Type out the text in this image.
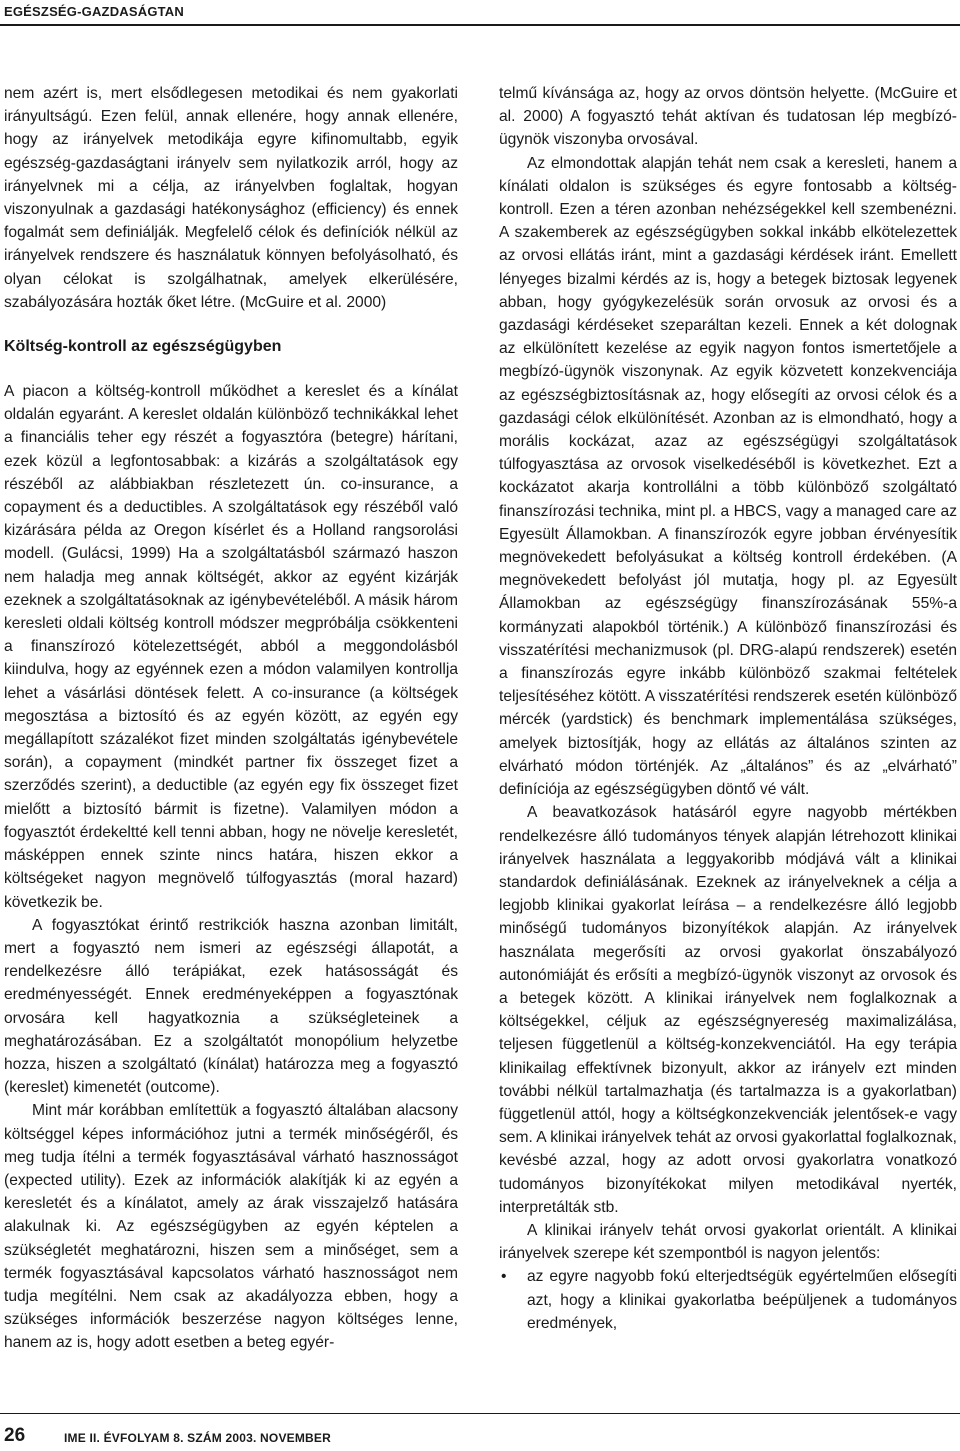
EGÉSZSÉG-GAZDASÁGTAN

nem azért is, mert elsődlegesen metodikai és nem gyakorlati irányultságú. Ezen felül, annak ellenére, hogy annak ellenére, hogy az irányelvek metodikája egyre kifinomultabb, egyik egészség-gazdaságtani irányelv sem nyilatkozik arról, hogy az irányelvnek mi a célja, az irányelvben foglaltak, hogyan viszonyulnak a gazdasági hatékonysághoz (efficiency) és ennek fogalmát sem definiálják. Megfelelő célok és definíciók nélkül az irányelvek rendszere és használatuk könnyen befolyásolható, és olyan célokat is szolgálhatnak, amelyek elkerülésére, szabályozására hozták őket létre. (McGuire et al. 2000)

Költség-kontroll az egészségügyben

A piacon a költség-kontroll működhet a kereslet és a kínálat oldalán egyaránt. A kereslet oldalán különböző technikákkal lehet a financiális teher egy részét a fogyasztóra (betegre) hárítani, ezek közül a legfontosabbak: a kizárás a szolgáltatások egy részéből az alábbiakban részletezett ún. co-insurance, a copayment és a deductibles. A szolgáltatások egy részéből való kizárására példa az Oregon kísérlet és a Holland rangsorolási modell. (Gulácsi, 1999) Ha a szolgáltatásból származó haszon nem haladja meg annak költségét, akkor az egyént kizárják ezeknek a szolgáltatásoknak az igénybevételéből. A másik három keresleti oldali költség kontroll módszer megpróbálja csökkenteni a finanszírozó kötelezettségét, abból a meggondolásból kiindulva, hogy az egyénnek ezen a módon valamilyen kontrollja lehet a vásárlási döntések felett. A co-insurance (a költségek megosztása a biztosító és az egyén között, az egyén egy megállapított százalékot fizet minden szolgáltatás igénybevétele során), a copayment (mindkét partner fix összeget fizet a szerződés szerint), a deductible (az egyén egy fix összeget fizet mielőtt a biztosító bármit is fizetne). Valamilyen módon a fogyasztót érdekeltté kell tenni abban, hogy ne növelje keresletét, másképpen ennek szinte nincs határa, hiszen ekkor a költségeket nagyon megnövelő túlfogyasztás (moral hazard) következik be.

A fogyasztókat érintő restrikciók haszna azonban limitált, mert a fogyasztó nem ismeri az egészségi állapotát, a rendelkezésre álló terápiákat, ezek hatásosságát és eredményességét. Ennek eredményeképpen a fogyasztónak orvosára kell hagyatkoznia a szükségleteinek a meghatározásában. Ez a szolgáltatót monopólium helyzetbe hozza, hiszen a szolgáltató (kínálat) határozza meg a fogyasztó (kereslet) kimenetét (outcome).

Mint már korábban említettük a fogyasztó általában alacsony költséggel képes információhoz jutni a termék minőségéről, és meg tudja ítélni a termék fogyasztásával várható hasznosságot (expected utility). Ezek az információk alakítják ki az egyén a keresletét és a kínálatot, amely az árak visszajelző hatására alakulnak ki. Az egészségügyben az egyén képtelen a szükségletét meghatározni, hiszen sem a minőséget, sem a termék fogyasztásával kapcsolatos várható hasznosságot nem tudja megítélni. Nem csak az akadályozza ebben, hogy a szükséges információk beszerzése nagyon költséges lenne, hanem az is, hogy adott esetben a beteg egyér-

telmű kívánsága az, hogy az orvos döntsön helyette. (McGuire et al. 2000) A fogyasztó tehát aktívan és tudatosan lép megbízó-ügynök viszonyba orvosával.

Az elmondottak alapján tehát nem csak a keresleti, hanem a kínálati oldalon is szükséges és egyre fontosabb a költség-kontroll. Ezen a téren azonban nehézségekkel kell szembenézni. A szakemberek az egészségügyben sokkal inkább elkötelezettek az orvosi ellátás iránt, mint a gazdasági kérdések iránt. Emellett lényeges bizalmi kérdés az is, hogy a betegek biztosak legyenek abban, hogy gyógykezelésük során orvosuk az orvosi és a gazdasági kérdéseket szeparáltan kezeli. Ennek a két dolognak az elkülönített kezelése az egyik nagyon fontos ismertetőjele a megbízó-ügynök viszonynak. Az egyik közvetett konzekvenciája az egészségbiztosításnak az, hogy elősegíti az orvosi célok és a gazdasági célok elkülönítését. Azonban az is elmondható, hogy a morális kockázat, azaz az egészségügyi szolgáltatások túlfogyasztása az orvosok viselkedéséből is következhet. Ezt a kockázatot akarja kontrollálni a több különböző szolgáltató finanszírozási technika, mint pl. a HBCS, vagy a managed care az Egyesült Államokban. A finanszírozók egyre jobban érvényesítik megnövekedett befolyásukat a költség kontroll érdekében. (A megnövekedett befolyást jól mutatja, hogy pl. az Egyesült Államokban az egészségügy finanszírozásának 55%-a kormányzati alapokból történik.) A különböző finanszírozási és visszatérítési mechanizmusok (pl. DRG-alapú rendszerek) esetén a finanszírozás egyre inkább különböző szakmai feltételek teljesítéséhez kötött. A visszatérítési rendszerek esetén különböző mércék (yardstick) és benchmark implementálása szükséges, amelyek biztosítják, hogy az ellátás az általános szinten az elvárható módon történjék. Az „általános” és az „elvárható” definíciója az egészségügyben döntő vé vált.

A beavatkozások hatásáról egyre nagyobb mértékben rendelkezésre álló tudományos tények alapján létrehozott klinikai irányelvek használata a leggyakoribb módjává vált a klinikai standardok definiálásának. Ezeknek az irányelveknek a célja a legjobb klinikai gyakorlat leírása – a rendelkezésre álló legjobb minőségű tudományos bizonyítékok alapján. Az irányelvek használata megerősíti az orvosi gyakorlat önszabályozó autonómiáját és erősíti a megbízó-ügynök viszonyt az orvosok és a betegek között. A klinikai irányelvek nem foglalkoznak a költségekkel, céljuk az egészségnyereség maximalizálása, teljesen függetlenül a költség-konzekvenciától. Ha egy terápia klinikailag effektívnek bizonyult, akkor az irányelv ezt minden további nélkül tartalmazhatja (és tartalmazza is a gyakorlatban) függetlenül attól, hogy a költségkonzekvenciák jelentősek-e vagy sem. A klinikai irányelvek tehát az orvosi gyakorlattal foglalkoznak, kevésbé azzal, hogy az adott orvosi gyakorlatra vonatkozó tudományos bizonyítékokat milyen metodikával nyerték, interpretálták stb.

A klinikai irányelv tehát orvosi gyakorlat orientált. A klinikai irányelvek szerepe két szempontból is nagyon jelentős:

• az egyre nagyobb fokú elterjedtségük egyértelműen elősegíti azt, hogy a klinikai gyakorlatba beépüljenek a tudományos eredmények,
26	IME II. ÉVFOLYAM 8. SZÁM 2003. NOVEMBER
